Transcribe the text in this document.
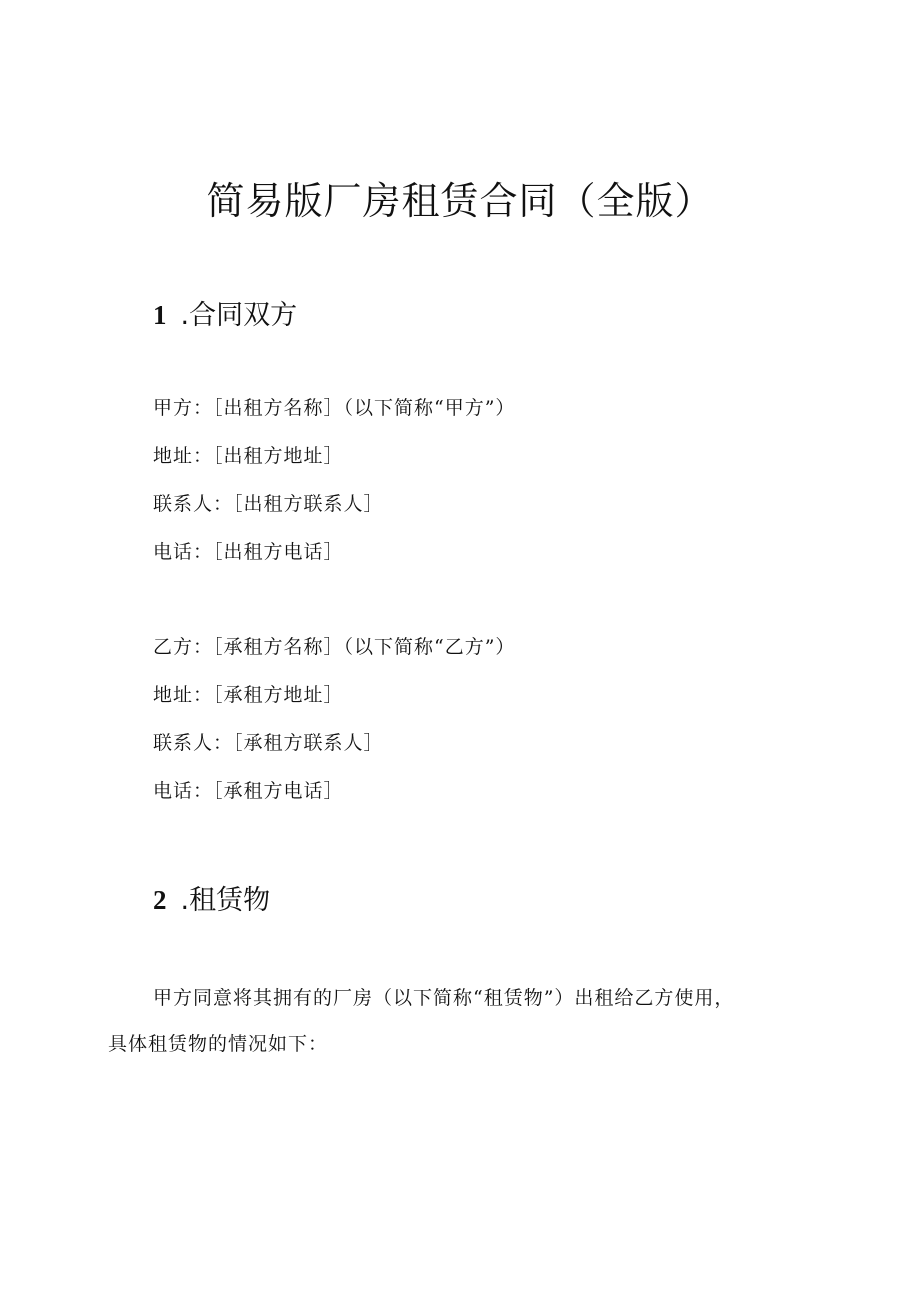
简易版厂房租赁合同（全版）
1 .合同双方
甲方：［出租方名称］（以下简称“甲方”）
地址：［出租方地址］
联系人：［出租方联系人］
电话：［出租方电话］
乙方：［承租方名称］（以下简称“乙方”）
地址：［承租方地址］
联系人：［承租方联系人］
电话：［承租方电话］
2 .租赁物
甲方同意将其拥有的厂房（以下简称“租赁物”）出租给乙方使用，
具体租赁物的情况如下：
